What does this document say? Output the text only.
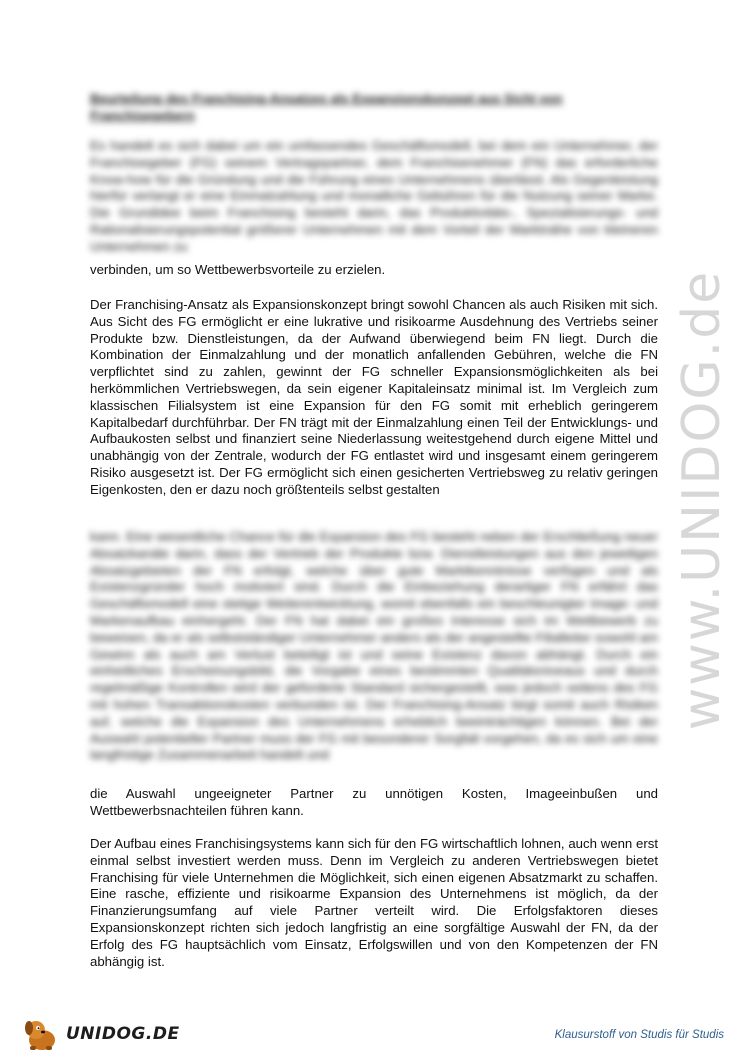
Beurteilung des Franchising-Ansatzes als Expansionskonzept aus Sicht von Franchisegebern

Es handelt es sich dabei um ein umfassendes Geschäftsmodell, bei dem ein Unternehmer, der Franchisegeber (FG) seinem Vertragspartner, dem Franchisenehmer (FN) das erforderliche Know-how für die Gründung und die Führung eines Unternehmens überlässt. Als Gegenleistung hierfür verlangt er eine Einmalzahlung und monatliche Gebühren für die Nutzung seiner Marke. Die Grundidee beim Franchising besteht darin, das Produktivitäts-, Spezialisierungs- und Rationalisierungspotential größerer Unternehmen mit dem Vorteil der Marktnähe von kleineren Unternehmen zu

verbinden, um so Wettbewerbsvorteile zu erzielen.

Der Franchising-Ansatz als Expansionskonzept bringt sowohl Chancen als auch Risiken mit sich. Aus Sicht des FG ermöglicht er eine lukrative und risikoarme Ausdehnung des Vertriebs seiner Produkte bzw. Dienstleistungen, da der Aufwand überwiegend beim FN liegt. Durch die Kombination der Einmalzahlung und der monatlich anfallenden Gebühren, welche die FN verpflichtet sind zu zahlen, gewinnt der FG schneller Expansionsmöglichkeiten als bei herkömmlichen Vertriebswegen, da sein eigener Kapitaleinsatz minimal ist. Im Vergleich zum klassischen Filialsystem ist eine Expansion für den FG somit mit erheblich geringerem Kapitalbedarf durchführbar. Der FN trägt mit der Einmalzahlung einen Teil der Entwicklungs- und Aufbaukosten selbst und finanziert seine Niederlassung weitestgehend durch eigene Mittel und unabhängig von der Zentrale, wodurch der FG entlastet wird und insgesamt einem geringerem Risiko ausgesetzt ist. Der FG ermöglicht sich einen gesicherten Vertriebsweg zu relativ geringen Eigenkosten, den er dazu noch größtenteils selbst gestalten

kann. Eine wesentliche Chance für die Expansion des FG besteht neben der Erschließung neuer Absatzkanäle darin, dass der Vertrieb der Produkte bzw. Dienstleistungen aus den jeweiligen Absatzgebieten der FN erfolgt, welche über gute Marktkenntnisse verfügen und als Existenzgründer hoch motiviert sind. Durch die Einbeziehung derartiger FN erfährt das Geschäftsmodell eine stetige Weiterentwicklung, womit ebenfalls ein beschleunigter Image- und Markenaufbau einhergeht. Der FN hat dabei ein großes Interesse sich im Wettbewerb zu beweisen, da er als selbstständiger Unternehmer anders als der angestellte Filialleiter sowohl am Gewinn als auch am Verlust beteiligt ist und seine Existenz davon abhängt. Durch ein einheitliches Erscheinungsbild, die Vorgabe eines bestimmten Qualitätsniveaus und durch regelmäßige Kontrollen wird der geforderte Standard sichergestellt, was jedoch seitens des FG mit hohen Transaktionskosten verbunden ist. Der Franchising-Ansatz birgt somit auch Risiken auf, welche die Expansion des Unternehmens erheblich beeinträchtigen können. Bei der Auswahl potentieller Partner muss der FG mit besonderer Sorgfalt vorgehen, da es sich um eine langfristige Zusammenarbeit handelt und

die Auswahl ungeeigneter Partner zu unnötigen Kosten, Imageeinbußen und Wettbewerbsnachteilen führen kann.

Der Aufbau eines Franchisingsystems kann sich für den FG wirtschaftlich lohnen, auch wenn erst einmal selbst investiert werden muss. Denn im Vergleich zu anderen Vertriebswegen bietet Franchising für viele Unternehmen die Möglichkeit, sich einen eigenen Absatzmarkt zu schaffen. Eine rasche, effiziente und risikoarme Expansion des Unternehmens ist möglich, da der Finanzierungsumfang auf viele Partner verteilt wird. Die Erfolgsfaktoren dieses Expansionskonzept richten sich jedoch langfristig an eine sorgfältige Auswahl der FN, da der Erfolg des FG hauptsächlich vom Einsatz, Erfolgswillen und von den Kompetenzen der FN abhängig ist.

www.UNIDOG.de
UNIDOG.DE	Klausurstoff von Studis für Studis
